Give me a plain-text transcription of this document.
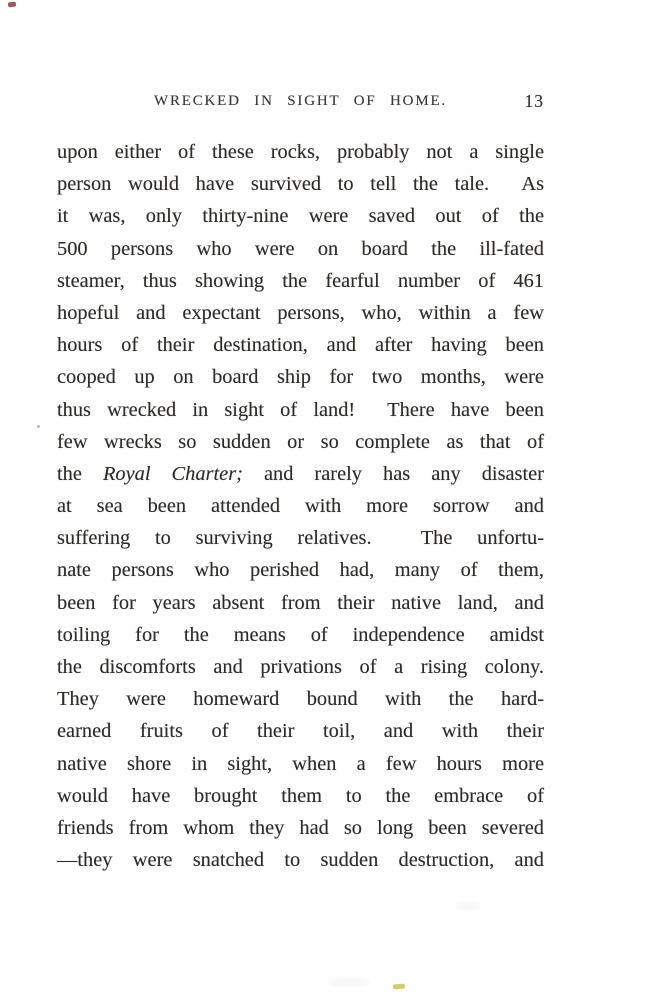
WRECKED IN SIGHT OF HOME.	13
upon either of these rocks, probably not a single
person would have survived to tell the tale.  As
it was, only thirty-nine were saved out of the
500 persons who were on board the ill-fated
steamer, thus showing the fearful number of 461
hopeful and expectant persons, who, within a few
hours of their destination, and after having been
cooped up on board ship for two months, were
thus wrecked in sight of land!  There have been
few wrecks so sudden or so complete as that of
the Royal Charter; and rarely has any disaster
at sea been attended with more sorrow and
suffering to surviving relatives.  The unfortu-
nate persons who perished had, many of them,
been for years absent from their native land, and
toiling for the means of independence amidst
the discomforts and privations of a rising colony.
They were homeward bound with the hard-
earned fruits of their toil, and with their
native shore in sight, when a few hours more
would have brought them to the embrace of
friends from whom they had so long been severed
—they were snatched to sudden destruction, and
